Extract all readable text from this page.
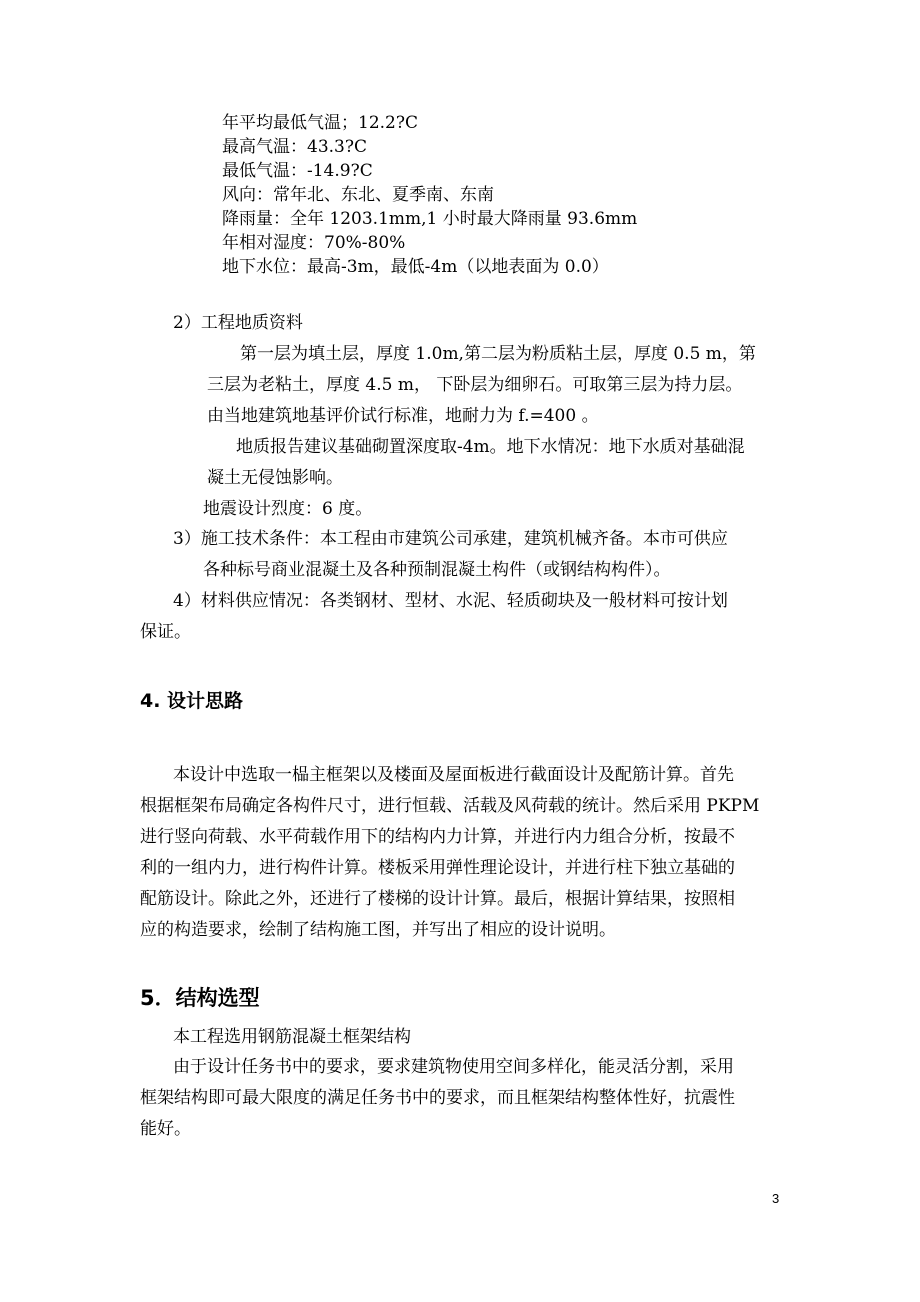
年平均最低气温；12.2?C
最高气温：43.3?C
最低气温：-14.9?C
风向：常年北、东北、夏季南、东南
降雨量：全年 1203.1mm,1 小时最大降雨量 93.6mm
年相对湿度：70%-80%
地下水位：最高-3m，最低-4m（以地表面为 0.0）
2）工程地质资料
第一层为填土层，厚度 1.0m,第二层为粉质粘土层，厚度 0.5 m，第
三层为老粘土，厚度 4.5 m， 下卧层为细卵石。可取第三层为持力层。
由当地建筑地基评价试行标准，地耐力为 f.=400 。
地质报告建议基础砌置深度取-4m。地下水情况：地下水质对基础混
凝土无侵蚀影响。
地震设计烈度：6 度。
3）施工技术条件：本工程由市建筑公司承建，建筑机械齐备。本市可供应
各种标号商业混凝土及各种预制混凝土构件（或钢结构构件）。
4）材料供应情况：各类钢材、型材、水泥、轻质砌块及一般材料可按计划
保证。
4. 设计思路
本设计中选取一榀主框架以及楼面及屋面板进行截面设计及配筋计算。首先
根据框架布局确定各构件尺寸，进行恒载、活载及风荷载的统计。然后采用 PKPM
进行竖向荷载、水平荷载作用下的结构内力计算，并进行内力组合分析，按最不
利的一组内力，进行构件计算。楼板采用弹性理论设计，并进行柱下独立基础的
配筋设计。除此之外，还进行了楼梯的设计计算。最后，根据计算结果，按照相
应的构造要求，绘制了结构施工图，并写出了相应的设计说明。
5．结构选型
本工程选用钢筋混凝土框架结构
由于设计任务书中的要求，要求建筑物使用空间多样化，能灵活分割，采用
框架结构即可最大限度的满足任务书中的要求，而且框架结构整体性好，抗震性
能好。
3
